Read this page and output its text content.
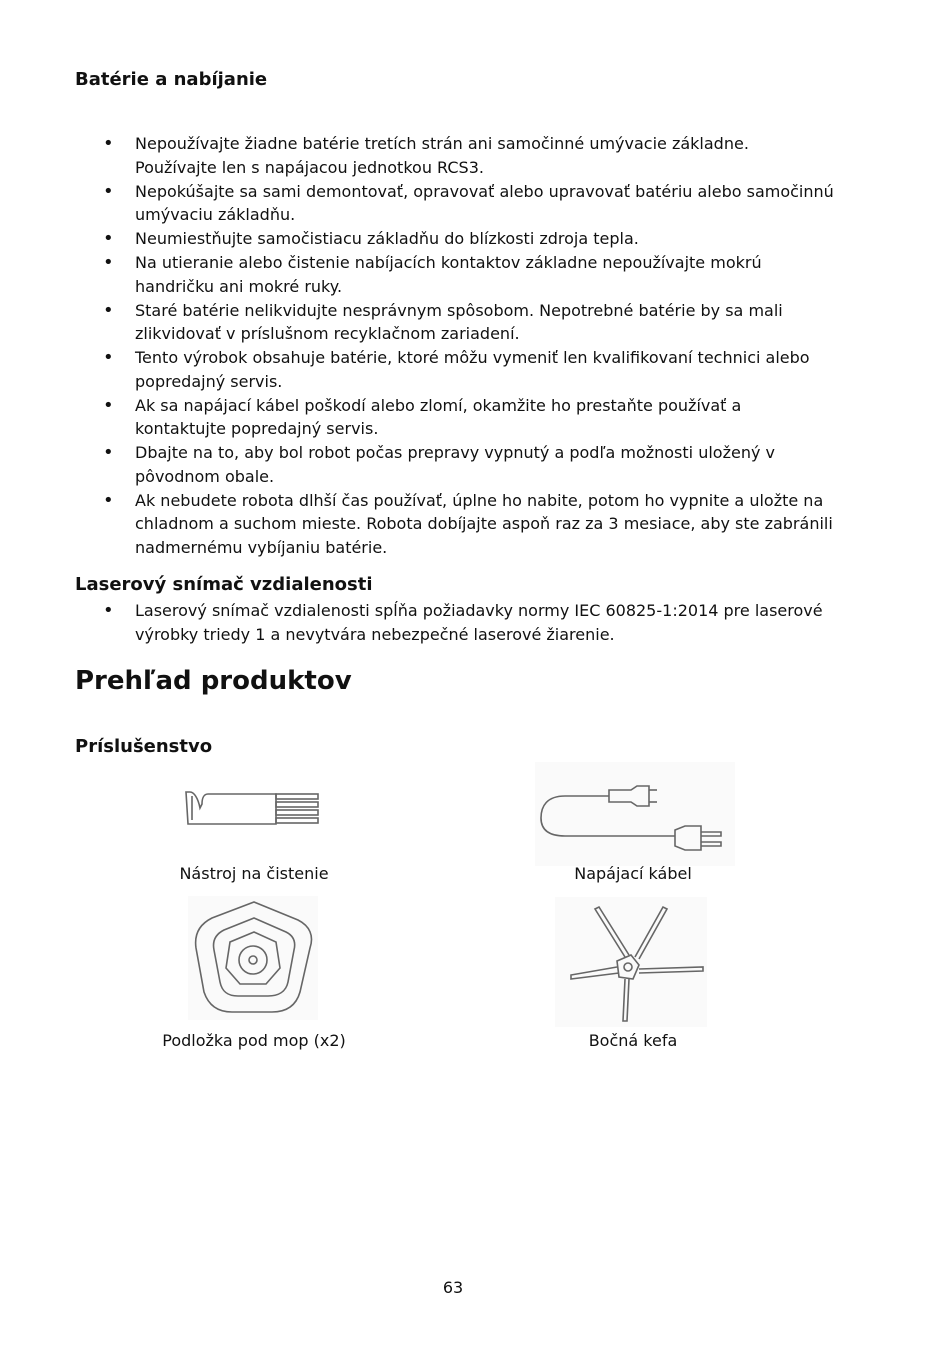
Batérie a nabíjanie
• Nepoužívajte žiadne batérie tretích strán ani samočinné umývacie základne. Používajte len s napájacou jednotkou RCS3.
• Nepokúšajte sa sami demontovať, opravovať alebo upravovať batériu alebo samočinnú umývaciu základňu.
• Neumiestňujte samočistiacu základňu do blízkosti zdroja tepla.
• Na utieranie alebo čistenie nabíjacích kontaktov základne nepoužívajte mokrú handričku ani mokré ruky.
• Staré batérie nelikvidujte nesprávnym spôsobom. Nepotrebné batérie by sa mali zlikvidovať v príslušnom recyklačnom zariadení.
• Tento výrobok obsahuje batérie, ktoré môžu vymeniť len kvalifikovaní technici alebo popredajný servis.
• Ak sa napájací kábel poškodí alebo zlomí, okamžite ho prestaňte používať a kontaktujte popredajný servis.
• Dbajte na to, aby bol robot počas prepravy vypnutý a podľa možnosti uložený v pôvodnom obale.
• Ak nebudete robota dlhší čas používať, úplne ho nabite, potom ho vypnite a uložte na chladnom a suchom mieste. Robota dobíjajte aspoň raz za 3 mesiace, aby ste zabránili nadmernému vybíjaniu batérie.
Laserový snímač vzdialenosti
• Laserový snímač vzdialenosti spĺňa požiadavky normy IEC 60825-1:2014 pre laserové výrobky triedy 1 a nevytvára nebezpečné laserové žiarenie.
Prehľad produktov
Príslušenstvo
Nástroj na čistenie	Napájací kábel
Podložka pod mop (x2)	Bočná kefa
63
